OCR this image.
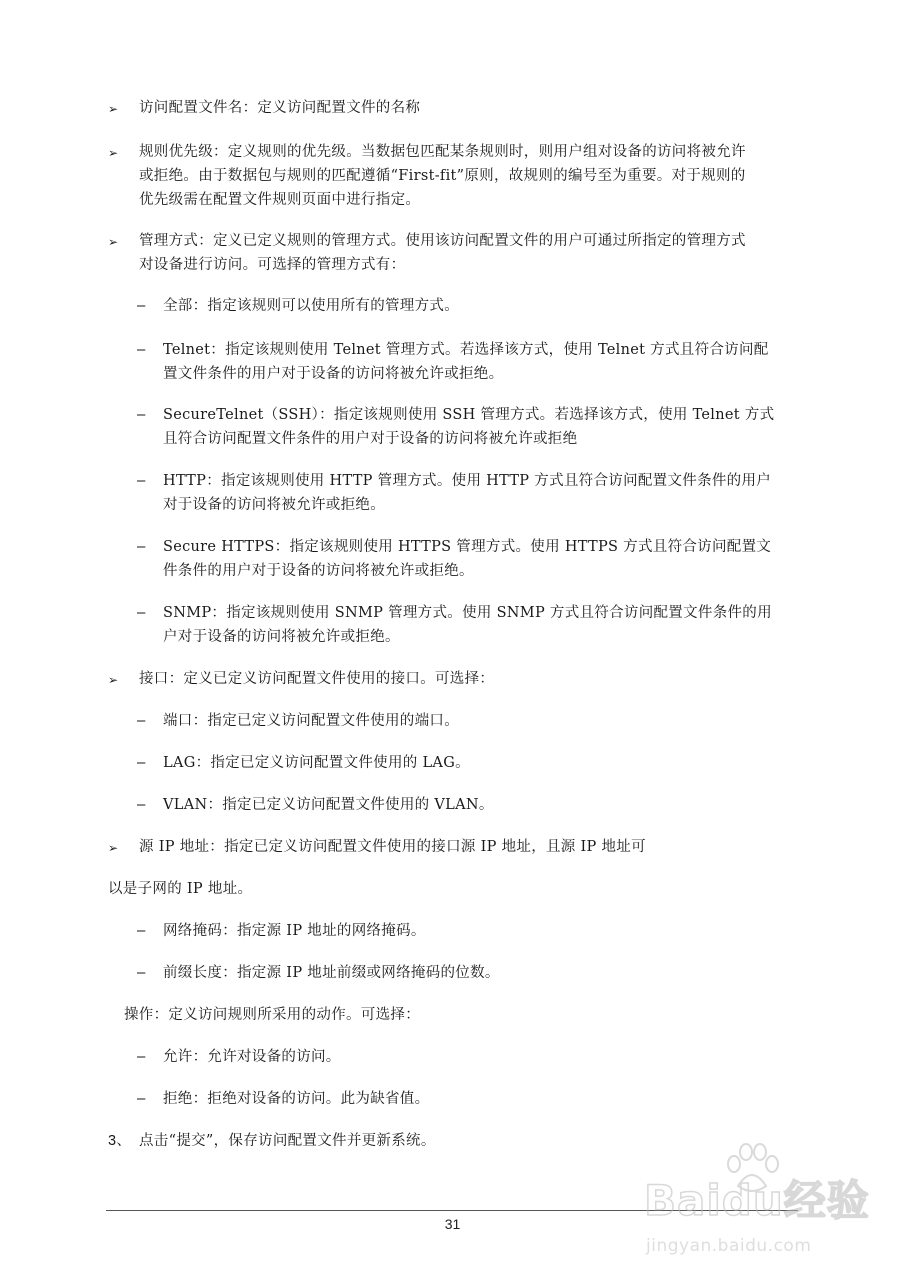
➢ 访问配置文件名：定义访问配置文件的名称
➢ 规则优先级：定义规则的优先级。当数据包匹配某条规则时，则用户组对设备的访问将被允许
或拒绝。由于数据包与规则的匹配遵循“First-fit”原则，故规则的编号至为重要。对于规则的
优先级需在配置文件规则页面中进行指定。
➢ 管理方式：定义已定义规则的管理方式。使用该访问配置文件的用户可通过所指定的管理方式
对设备进行访问。可选择的管理方式有：
– 全部：指定该规则可以使用所有的管理方式。
– Telnet：指定该规则使用 Telnet 管理方式。若选择该方式，使用 Telnet 方式且符合访问配
置文件条件的用户对于设备的访问将被允许或拒绝。
– SecureTelnet（SSH）：指定该规则使用 SSH 管理方式。若选择该方式，使用 Telnet 方式
且符合访问配置文件条件的用户对于设备的访问将被允许或拒绝
– HTTP：指定该规则使用 HTTP 管理方式。使用 HTTP 方式且符合访问配置文件条件的用户
对于设备的访问将被允许或拒绝。
– Secure HTTPS：指定该规则使用 HTTPS 管理方式。使用 HTTPS 方式且符合访问配置文
件条件的用户对于设备的访问将被允许或拒绝。
– SNMP：指定该规则使用 SNMP 管理方式。使用 SNMP 方式且符合访问配置文件条件的用
户对于设备的访问将被允许或拒绝。
➢ 接口：定义已定义访问配置文件使用的接口。可选择：
– 端口：指定已定义访问配置文件使用的端口。
– LAG：指定已定义访问配置文件使用的 LAG。
– VLAN：指定已定义访问配置文件使用的 VLAN。
➢ 源 IP 地址：指定已定义访问配置文件使用的接口源 IP 地址，且源 IP 地址可
以是子网的 IP 地址。
– 网络掩码：指定源 IP 地址的网络掩码。
– 前缀长度：指定源 IP 地址前缀或网络掩码的位数。
操作：定义访问规则所采用的动作。可选择：
– 允许：允许对设备的访问。
– 拒绝：拒绝对设备的访问。此为缺省值。
3、 点击“提交”，保存访问配置文件并更新系统。
31	Baidu经验
jingyan.baidu.com
